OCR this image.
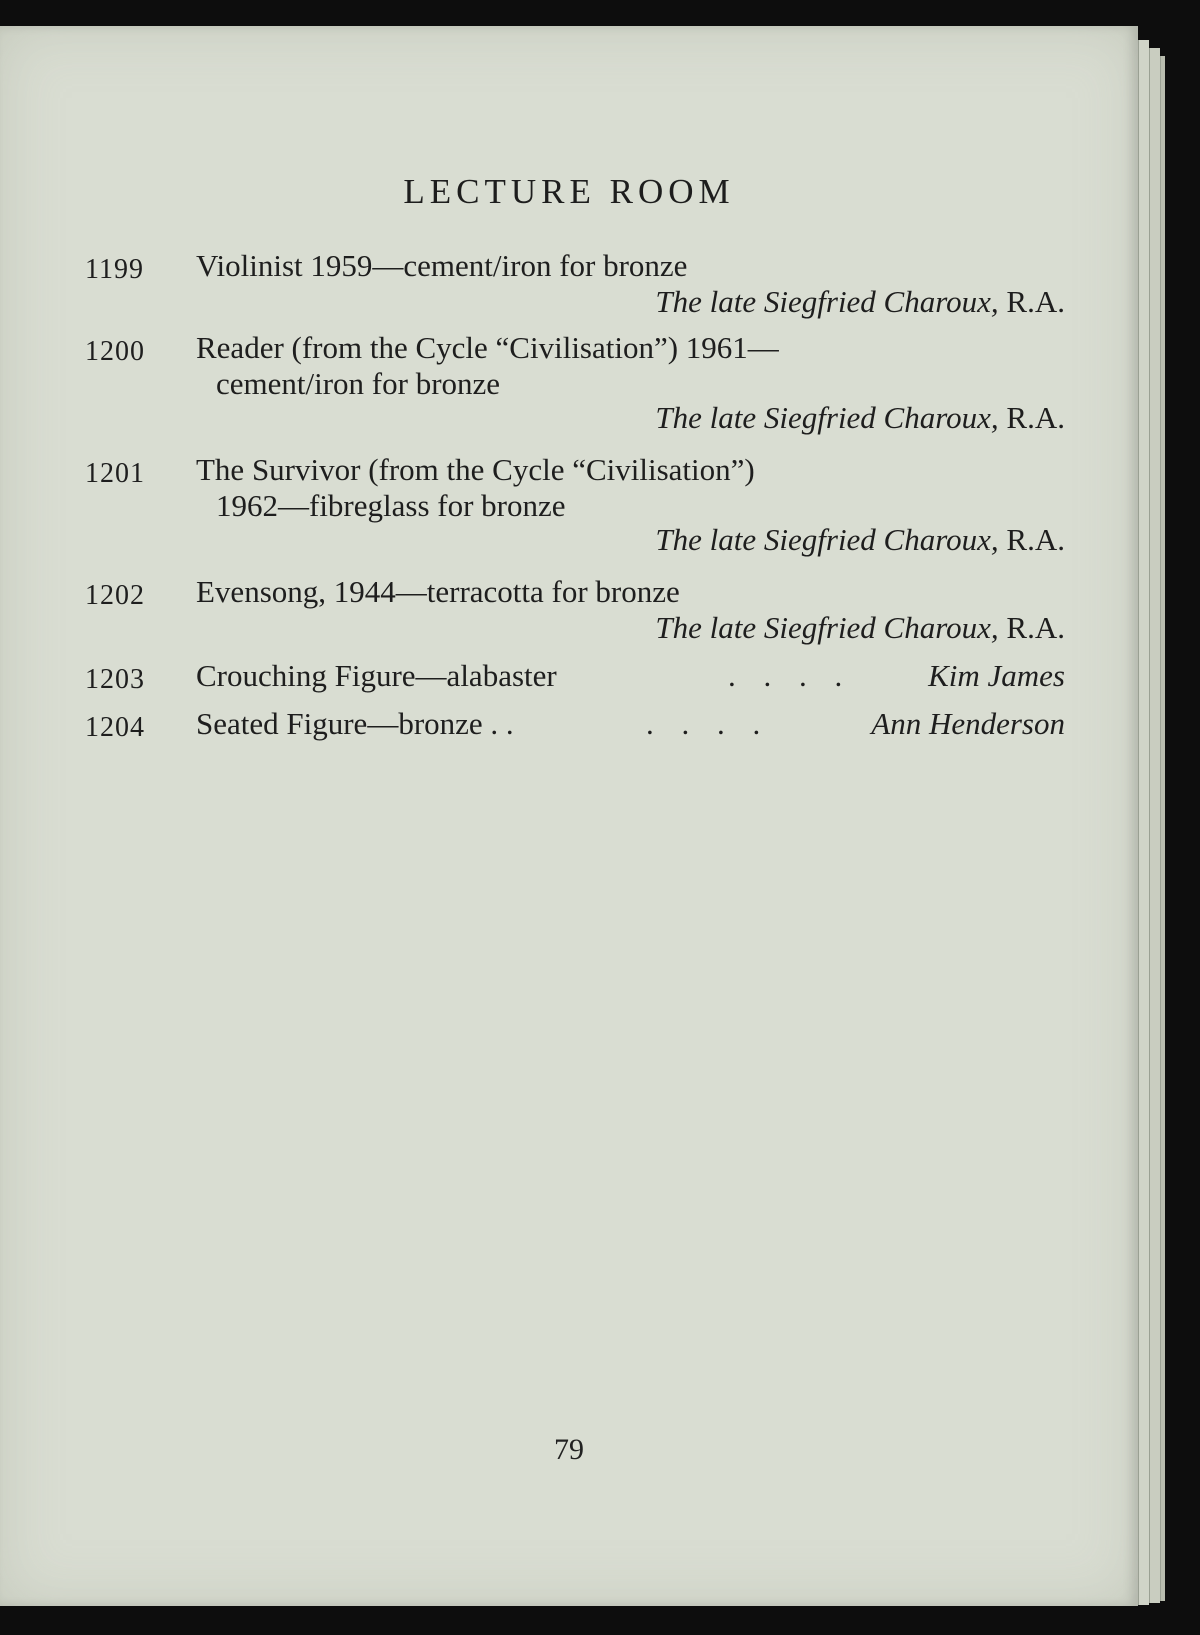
LECTURE ROOM
1199 Violinist 1959—cement/iron for bronze
The late Siegfried Charoux, R.A.
1200 Reader (from the Cycle “Civilisation”) 1961—
cement/iron for bronze
The late Siegfried Charoux, R.A.
1201 The Survivor (from the Cycle “Civilisation”)
1962—fibreglass for bronze
The late Siegfried Charoux, R.A.
1202 Evensong, 1944—terracotta for bronze
The late Siegfried Charoux, R.A.
1203 Crouching Figure—alabaster	. . . . Kim James
1204 Seated Figure—bronze . .	. . . .	Ann Henderson
79
